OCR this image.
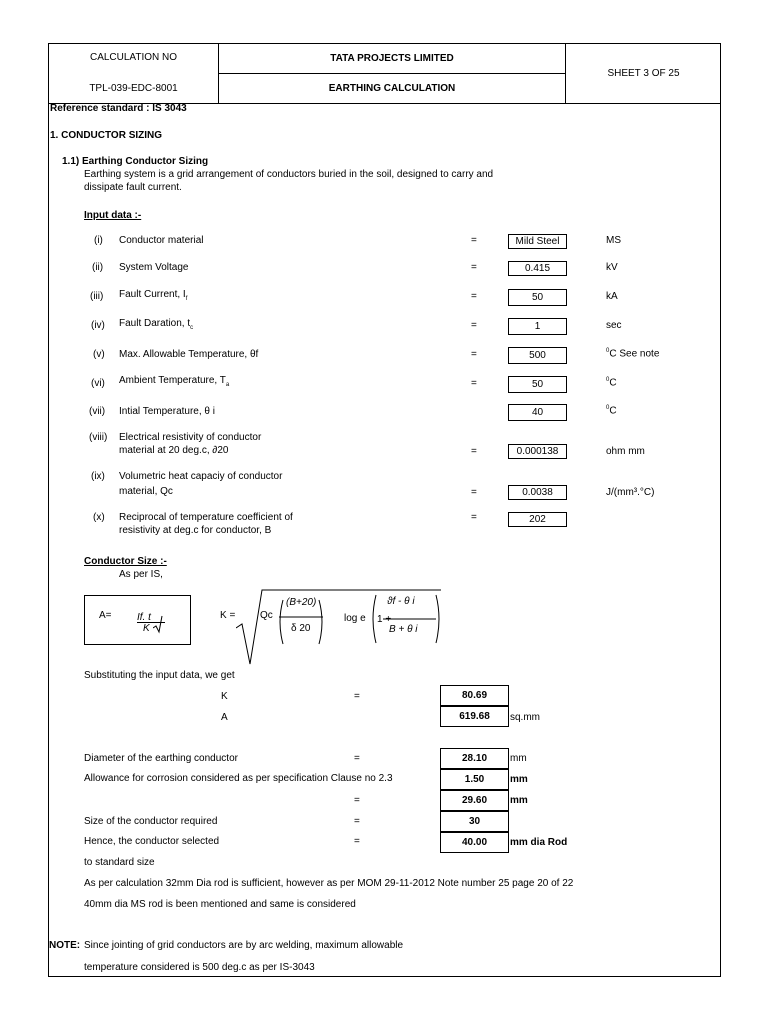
CALCULATION NO
TPL-039-EDC-8001
TATA PROJECTS LIMITED
EARTHING CALCULATION
SHEET 3 OF 25
Reference standard : IS 3043
1. CONDUCTOR SIZING
1.1) Earthing Conductor Sizing
Earthing system is a grid arrangement of conductors buried in the soil, designed to carry and
dissipate fault current.
Input data :-
(i) Conductor material	=	Mild Steel	MS
(ii) System Voltage	=	0.415	kV
(iii) Fault Current, $I_f$	=	50	kA
(iv) Fault Daration, $t_c$	=	1	sec
(v) Max. Allowable Temperature, θf	=	500	$^0$C See note
(vi) Ambient Temperature, $T_a$	=	50	$^0$C
(vii) Intial Temperature, θ i	40	$^0$C
(viii) Electrical resistivity of conductor
material at 20 deg.c, ∂20	=	0.000138	ohm mm
(ix) Volumetric heat capaciy of conductor
material, Qc	=	0.0038	J/(mm³.°C)
(x) Reciprocal of temperature coefficient of
resistivity at deg.c for conductor, B
=	202
Conductor Size :-
As per IS,
A=	If. t
K
K = Qc
(B+20)
δ 20
log e 1 +
ϑf - θ i
B + θ i
Substituting the input data, we get
K	=	80.69
A	619.68	sq.mm
Diameter of the earthing conductor	=	28.10	mm
Allowance for corrosion considered as per specification Clause no 2.3	1.50	mm
=	29.60	mm
Size of the conductor required	=	30
Hence, the conductor selected	=	40.00	mm dia Rod
to standard size
As per calculation 32mm Dia rod is sufficient, however as per MOM 29-11-2012 Note number 25 page 20 of 22
40mm dia MS rod is been mentioned and same is considered
NOTE: Since jointing of grid conductors are by arc welding, maximum allowable
temperature considered is 500 deg.c as per IS-3043
